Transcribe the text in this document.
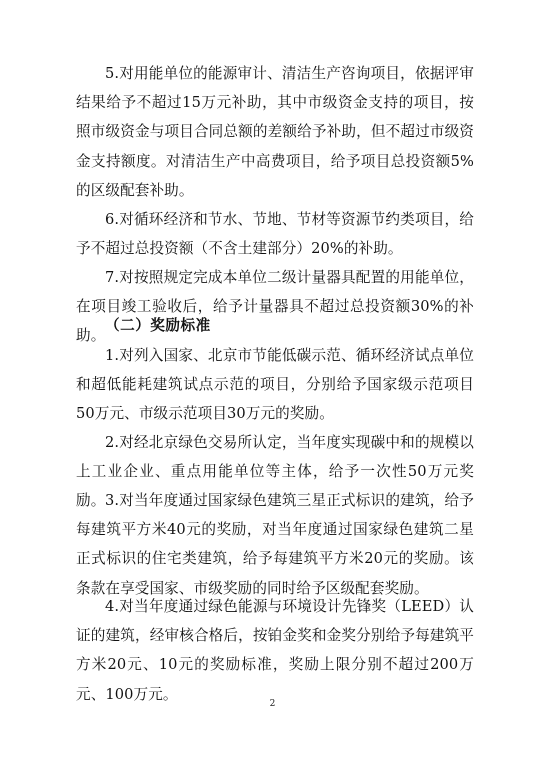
5.对用能单位的能源审计、清洁生产咨询项目，依据评审结果给予不超过15万元补助，其中市级资金支持的项目，按照市级资金与项目合同总额的差额给予补助，但不超过市级资金支持额度。对清洁生产中高费项目，给予项目总投资额5%的区级配套补助。

6.对循环经济和节水、节地、节材等资源节约类项目，给予不超过总投资额（不含土建部分）20%的补助。

7.对按照规定完成本单位二级计量器具配置的用能单位，在项目竣工验收后，给予计量器具不超过总投资额30%的补助。

（二）奖励标准

1.对列入国家、北京市节能低碳示范、循环经济试点单位和超低能耗建筑试点示范的项目，分别给予国家级示范项目50万元、市级示范项目30万元的奖励。

2.对经北京绿色交易所认定，当年度实现碳中和的规模以上工业企业、重点用能单位等主体，给予一次性50万元奖励。 3.对当年度通过国家绿色建筑三星正式标识的建筑，给予每建筑平方米40元的奖励，对当年度通过国家绿色建筑二星正式标识的住宅类建筑，给予每建筑平方米20元的奖励。该条款在享受国家、市级奖励的同时给予区级配套奖励。

4.对当年度通过绿色能源与环境设计先锋奖（LEED）认证的建筑，经审核合格后，按铂金奖和金奖分别给予每建筑平方米20元、10元的奖励标准，奖励上限分别不超过200万元、100万元。

2
